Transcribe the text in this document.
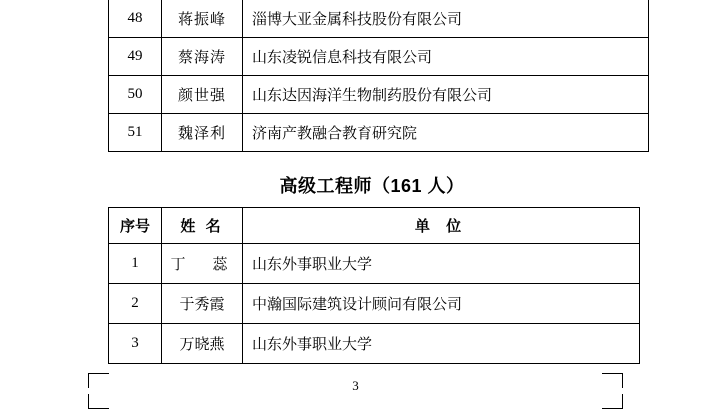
48	蒋振峰	淄博大亚金属科技股份有限公司
49	蔡海涛	山东凌锐信息科技有限公司
50	颜世强	山东达因海洋生物制药股份有限公司
51	魏泽利	济南产教融合教育研究院
高级工程师（161 人）
序号	姓 名	单 位
1	丁　蕊	山东外事职业大学
2	于秀霞	中瀚国际建筑设计顾问有限公司
3	万晓燕	山东外事职业大学
3
